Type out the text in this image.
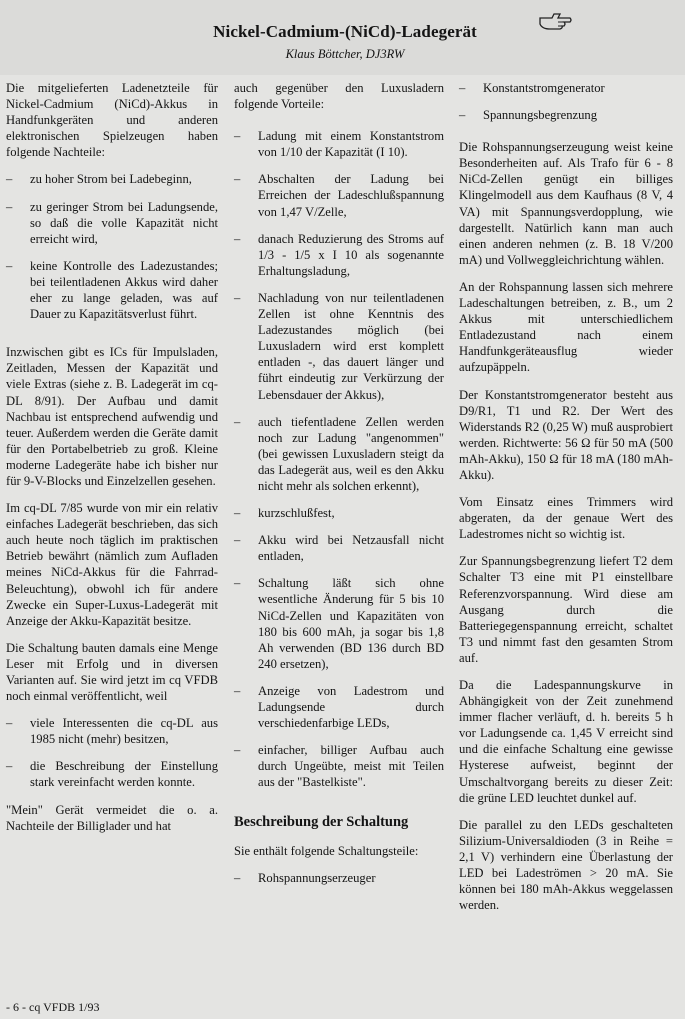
Nickel-Cadmium-(NiCd)-Ladegerät
Klaus Böttcher, DJ3RW

Die mitgelieferten Ladenetzteile für Nickel-Cadmium (NiCd)-Akkus in Handfunkgeräten und anderen elektronischen Spielzeugen haben folgende Nachteile:

–	zu hoher Strom bei Ladebeginn,
–	zu geringer Strom bei Ladungsende, so daß die volle Kapazität nicht erreicht wird,
–	keine Kontrolle des Ladezustandes; bei teilentladenen Akkus wird daher eher zu lange geladen, was auf Dauer zu Kapazitätsverlust führt.

Inzwischen gibt es ICs für Impulsladen, Zeitladen, Messen der Kapazität und viele Extras (siehe z. B. Ladegerät im cq-DL 8/91). Der Aufbau und damit Nachbau ist entsprechend aufwendig und teuer. Außerdem werden die Geräte damit für den Portabelbetrieb zu groß. Kleine moderne Ladegeräte habe ich bisher nur für 9-V-Blocks und Einzelzellen gesehen.

Im cq-DL 7/85 wurde von mir ein relativ einfaches Ladegerät beschrieben, das sich auch heute noch täglich im praktischen Betrieb bewährt (nämlich zum Aufladen meines NiCd-Akkus für die Fahrrad-Beleuchtung), obwohl ich für andere Zwecke ein Super-Luxus-Ladegerät mit Anzeige der Akku-Kapazität besitze.

Die Schaltung bauten damals eine Menge Leser mit Erfolg und in diversen Varianten auf. Sie wird jetzt im cq VFDB noch einmal veröffentlicht, weil

–	viele Interessenten die cq-DL aus 1985 nicht (mehr) besitzen,
–	die Beschreibung der Einstellung stark vereinfacht werden konnte.

"Mein" Gerät vermeidet die o. a. Nachteile der Billiglader und hat

auch gegenüber den Luxusladern folgende Vorteile:

–	Ladung mit einem Konstantstrom von 1/10 der Kapazität (I 10).
–	Abschalten der Ladung bei Erreichen der Ladeschlußspannung von 1,47 V/Zelle,
–	danach Reduzierung des Stroms auf 1/3 - 1/5 x I 10 als sogenannte Erhaltungsladung,
–	Nachladung von nur teilentladenen Zellen ist ohne Kenntnis des Ladezustandes möglich (bei Luxusladern wird erst komplett entladen -, das dauert länger und führt eindeutig zur Verkürzung der Lebensdauer der Akkus),
–	auch tiefentladene Zellen werden noch zur Ladung "angenommen" (bei gewissen Luxusladern steigt da das Ladegerät aus, weil es den Akku nicht mehr als solchen erkennt),
–	kurzschlußfest,
–	Akku wird bei Netzausfall nicht entladen,
–	Schaltung läßt sich ohne wesentliche Änderung für 5 bis 10 NiCd-Zellen und Kapazitäten von 180 bis 600 mAh, ja sogar bis 1,8 Ah verwenden (BD 136 durch BD 240 ersetzen),
–	Anzeige von Ladestrom und Ladungsende durch verschiedenfarbige LEDs,
–	einfacher, billiger Aufbau auch durch Ungeübte, meist mit Teilen aus der "Bastelkiste".
Beschreibung der Schaltung

Sie enthält folgende Schaltungsteile:

–	Rohspannungserzeuger
–	Konstantstromgenerator
–	Spannungsbegrenzung

Die Rohspannungserzeugung weist keine Besonderheiten auf. Als Trafo für 6 - 8 NiCd-Zellen genügt ein billiges Klingelmodell aus dem Kaufhaus (8 V, 4 VA) mit Spannungsverdopplung, wie dargestellt. Natürlich kann man auch einen anderen nehmen (z. B. 18 V/200 mA) und Vollweggleichrichtung wählen.

An der Rohspannung lassen sich mehrere Ladeschaltungen betreiben, z. B., um 2 Akkus mit unterschiedlichem Entladezustand nach einem Handfunkgeräteausflug wieder aufzupäppeln.

Der Konstantstromgenerator besteht aus D9/R1, T1 und R2. Der Wert des Widerstands R2 (0,25 W) muß ausprobiert werden. Richtwerte: 56 Ω für 50 mA (500 mAh-Akku), 150 Ω für 18 mA (180 mAh-Akku).

Vom Einsatz eines Trimmers wird abgeraten, da der genaue Wert des Ladestromes nicht so wichtig ist.

Zur Spannungsbegrenzung liefert T2 dem Schalter T3 eine mit P1 einstellbare Referenzvorspannung. Wird diese am Ausgang durch die Batteriegegenspannung erreicht, schaltet T3 und nimmt fast den gesamten Strom auf.

Da die Ladespannungskurve in Abhängigkeit von der Zeit zunehmend immer flacher verläuft, d. h. bereits 5 h vor Ladungsende ca. 1,45 V erreicht sind und die einfache Schaltung eine gewisse Hysterese aufweist, beginnt der Umschaltvorgang bereits zu dieser Zeit: die grüne LED leuchtet dunkel auf.

Die parallel zu den LEDs geschalteten Silizium-Universaldioden (3 in Reihe = 2,1 V) verhindern eine Überlastung der LED bei Ladeströmen > 20 mA. Sie können bei 180 mAh-Akkus weggelassen werden.

- 6 - cq VFDB 1/93
